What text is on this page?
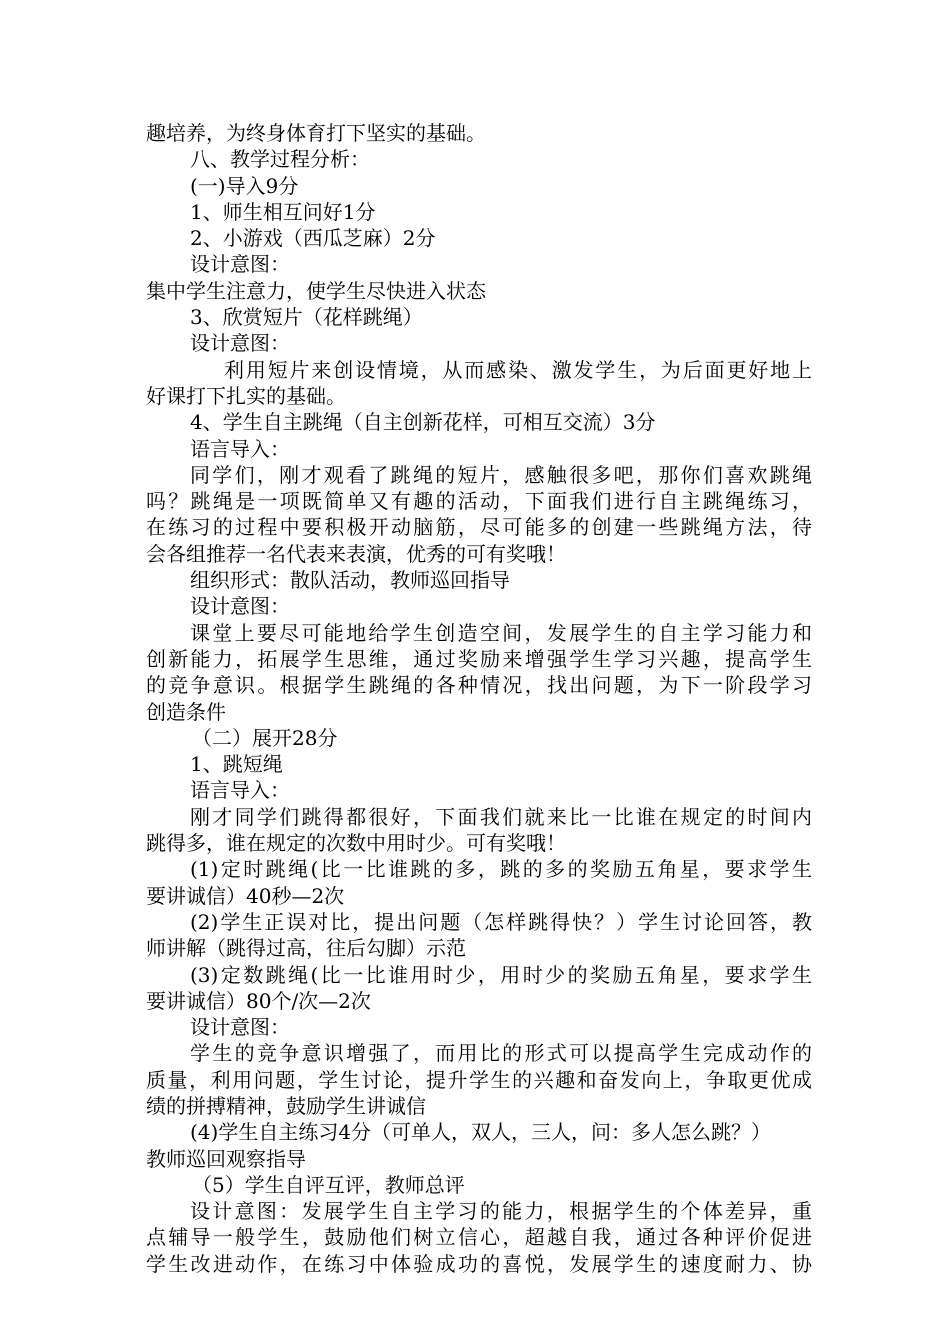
趣培养，为终身体育打下坚实的基础。
八、教学过程分析：
(一)导入9分
1、师生相互问好1分
2、小游戏（西瓜芝麻）2分
设计意图：
集中学生注意力，使学生尽快进入状态
3、欣赏短片（花样跳绳）
设计意图：
利用短片来创设情境，从而感染、激发学生，为后面更好地上
好课打下扎实的基础。
4、学生自主跳绳（自主创新花样，可相互交流）3分
语言导入：
同学们，刚才观看了跳绳的短片，感触很多吧，那你们喜欢跳绳
吗？跳绳是一项既简单又有趣的活动，下面我们进行自主跳绳练习，
在练习的过程中要积极开动脑筋，尽可能多的创建一些跳绳方法，待
会各组推荐一名代表来表演，优秀的可有奖哦！
组织形式：散队活动，教师巡回指导
设计意图：
课堂上要尽可能地给学生创造空间，发展学生的自主学习能力和
创新能力，拓展学生思维，通过奖励来增强学生学习兴趣，提高学生
的竞争意识。根据学生跳绳的各种情况，找出问题，为下一阶段学习
创造条件
（二）展开28分
1、跳短绳
语言导入：
刚才同学们跳得都很好，下面我们就来比一比谁在规定的时间内
跳得多，谁在规定的次数中用时少。可有奖哦！
(1)定时跳绳(比一比谁跳的多，跳的多的奖励五角星，要求学生
要讲诚信）40秒—2次
(2)学生正误对比，提出问题（怎样跳得快？）学生讨论回答，教
师讲解（跳得过高，往后勾脚）示范
(3)定数跳绳(比一比谁用时少，用时少的奖励五角星，要求学生
要讲诚信）80个/次—2次
设计意图：
学生的竞争意识增强了，而用比的形式可以提高学生完成动作的
质量，利用问题，学生讨论，提升学生的兴趣和奋发向上，争取更优成
绩的拼搏精神，鼓励学生讲诚信
(4)学生自主练习4分（可单人，双人，三人，问：多人怎么跳？）
教师巡回观察指导
（5）学生自评互评，教师总评
设计意图：发展学生自主学习的能力，根据学生的个体差异，重
点辅导一般学生，鼓励他们树立信心，超越自我，通过各种评价促进
学生改进动作，在练习中体验成功的喜悦，发展学生的速度耐力、协
